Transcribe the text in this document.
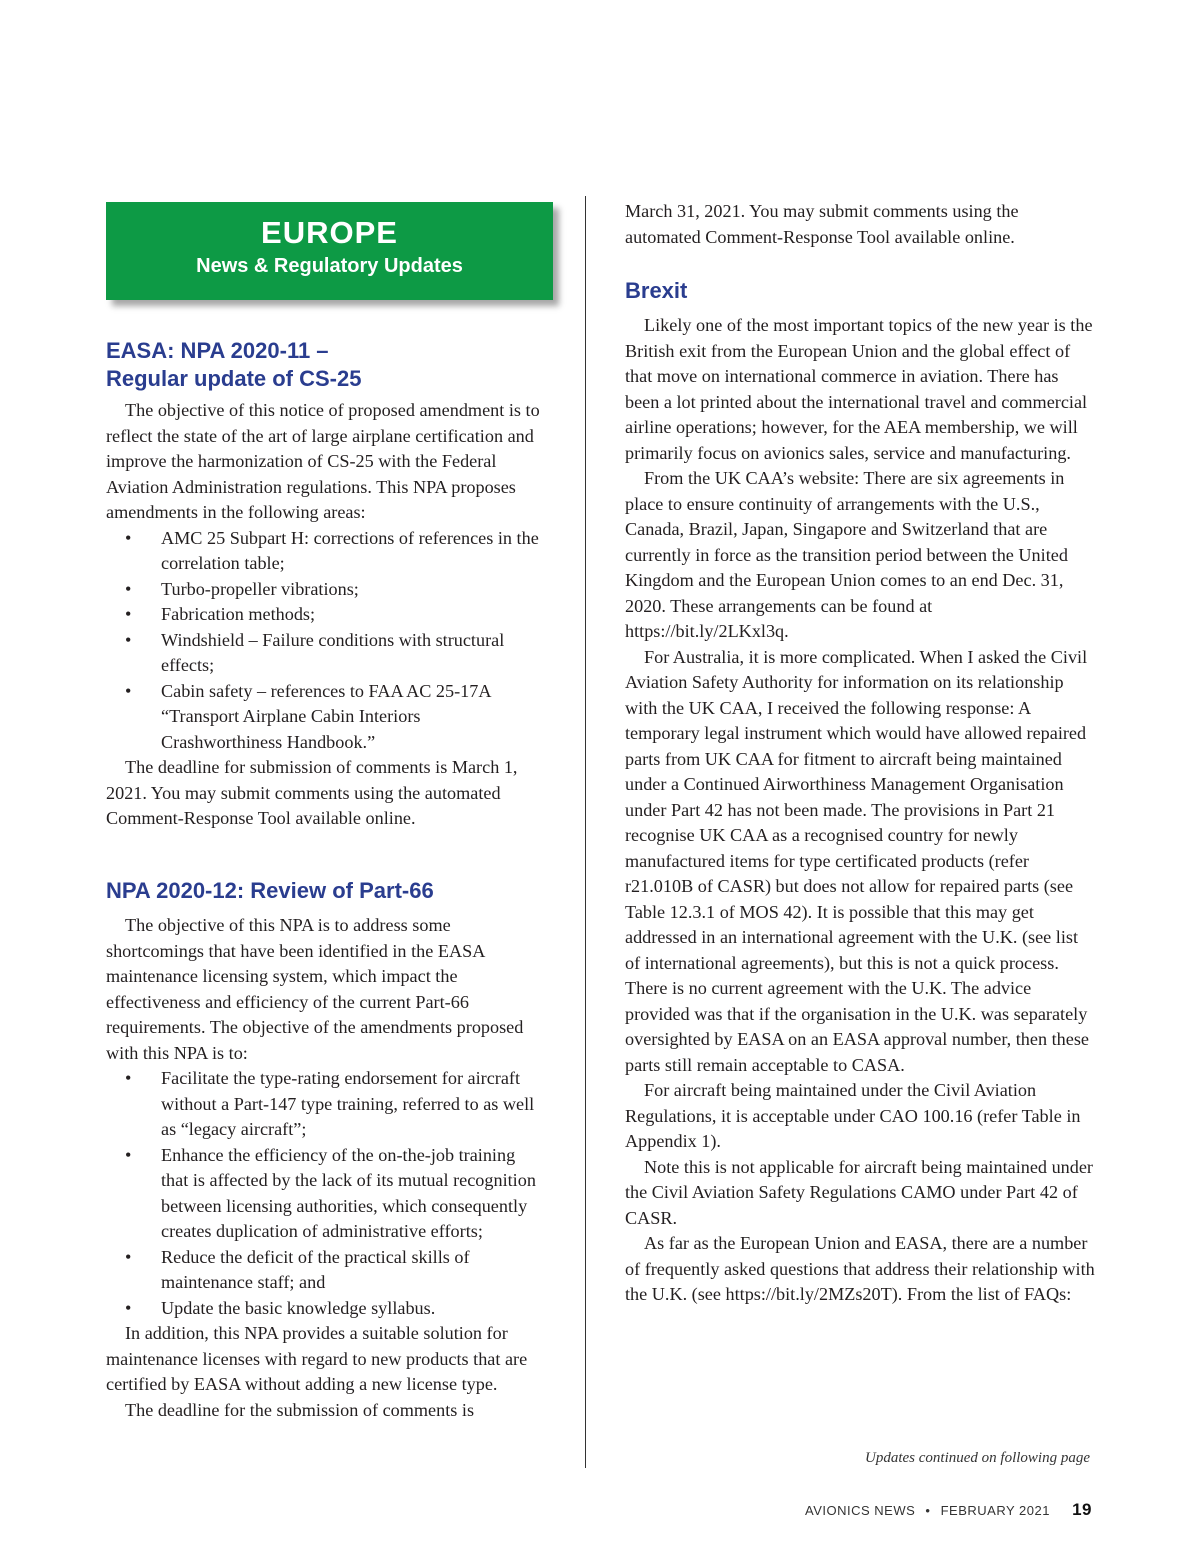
EUROPE
News & Regulatory Updates
EASA: NPA 2020-11 –
Regular update of CS-25

The objective of this notice of proposed amendment is to reflect the state of the art of large airplane certification and improve the harmonization of CS-25 with the Federal Aviation Administration regulations. This NPA proposes amendments in the following areas:

• AMC 25 Subpart H: corrections of references in the correlation table;
• Turbo-propeller vibrations;
• Fabrication methods;
• Windshield – Failure conditions with structural effects;
• Cabin safety – references to FAA AC 25-17A “Transport Airplane Cabin Interiors Crashworthiness Handbook.”

The deadline for submission of comments is March 1, 2021. You may submit comments using the automated Comment-Response Tool available online.

NPA 2020-12: Review of Part-66

The objective of this NPA is to address some shortcomings that have been identified in the EASA maintenance licensing system, which impact the effectiveness and efficiency of the current Part-66 requirements. The objective of the amendments proposed with this NPA is to:

• Facilitate the type-rating endorsement for aircraft without a Part-147 type training, referred to as well as “legacy aircraft”;
• Enhance the efficiency of the on-the-job training that is affected by the lack of its mutual recognition between licensing authorities, which consequently creates duplication of administrative efforts;
• Reduce the deficit of the practical skills of maintenance staff; and
• Update the basic knowledge syllabus.

In addition, this NPA provides a suitable solution for maintenance licenses with regard to new products that are certified by EASA without adding a new license type.

The deadline for the submission of comments is

March 31, 2021. You may submit comments using the automated Comment-Response Tool available online.

Brexit

Likely one of the most important topics of the new year is the British exit from the European Union and the global effect of that move on international commerce in aviation. There has been a lot printed about the international travel and commercial airline operations; however, for the AEA membership, we will primarily focus on avionics sales, service and manufacturing.

From the UK CAA’s website: There are six agreements in place to ensure continuity of arrangements with the U.S., Canada, Brazil, Japan, Singapore and Switzerland that are currently in force as the transition period between the United Kingdom and the European Union comes to an end Dec. 31, 2020. These arrangements can be found at https://bit.ly/2LKxl3q.

For Australia, it is more complicated. When I asked the Civil Aviation Safety Authority for information on its relationship with the UK CAA, I received the following response: A temporary legal instrument which would have allowed repaired parts from UK CAA for fitment to aircraft being maintained under a Continued Airworthiness Management Organisation under Part 42 has not been made. The provisions in Part 21 recognise UK CAA as a recognised country for newly manufactured items for type certificated products (refer r21.010B of CASR) but does not allow for repaired parts (see Table 12.3.1 of MOS 42). It is possible that this may get addressed in an international agreement with the U.K. (see list of international agreements), but this is not a quick process. There is no current agreement with the U.K. The advice provided was that if the organisation in the U.K. was separately oversighted by EASA on an EASA approval number, then these parts still remain acceptable to CASA.

For aircraft being maintained under the Civil Aviation Regulations, it is acceptable under CAO 100.16 (refer Table in Appendix 1).

Note this is not applicable for aircraft being maintained under the Civil Aviation Safety Regulations CAMO under Part 42 of CASR.

As far as the European Union and EASA, there are a number of frequently asked questions that address their relationship with the U.K. (see https://bit.ly/2MZs20T). From the list of FAQs:

Updates continued on following page
AVIONICS NEWS • FEBRUARY 2021 19
